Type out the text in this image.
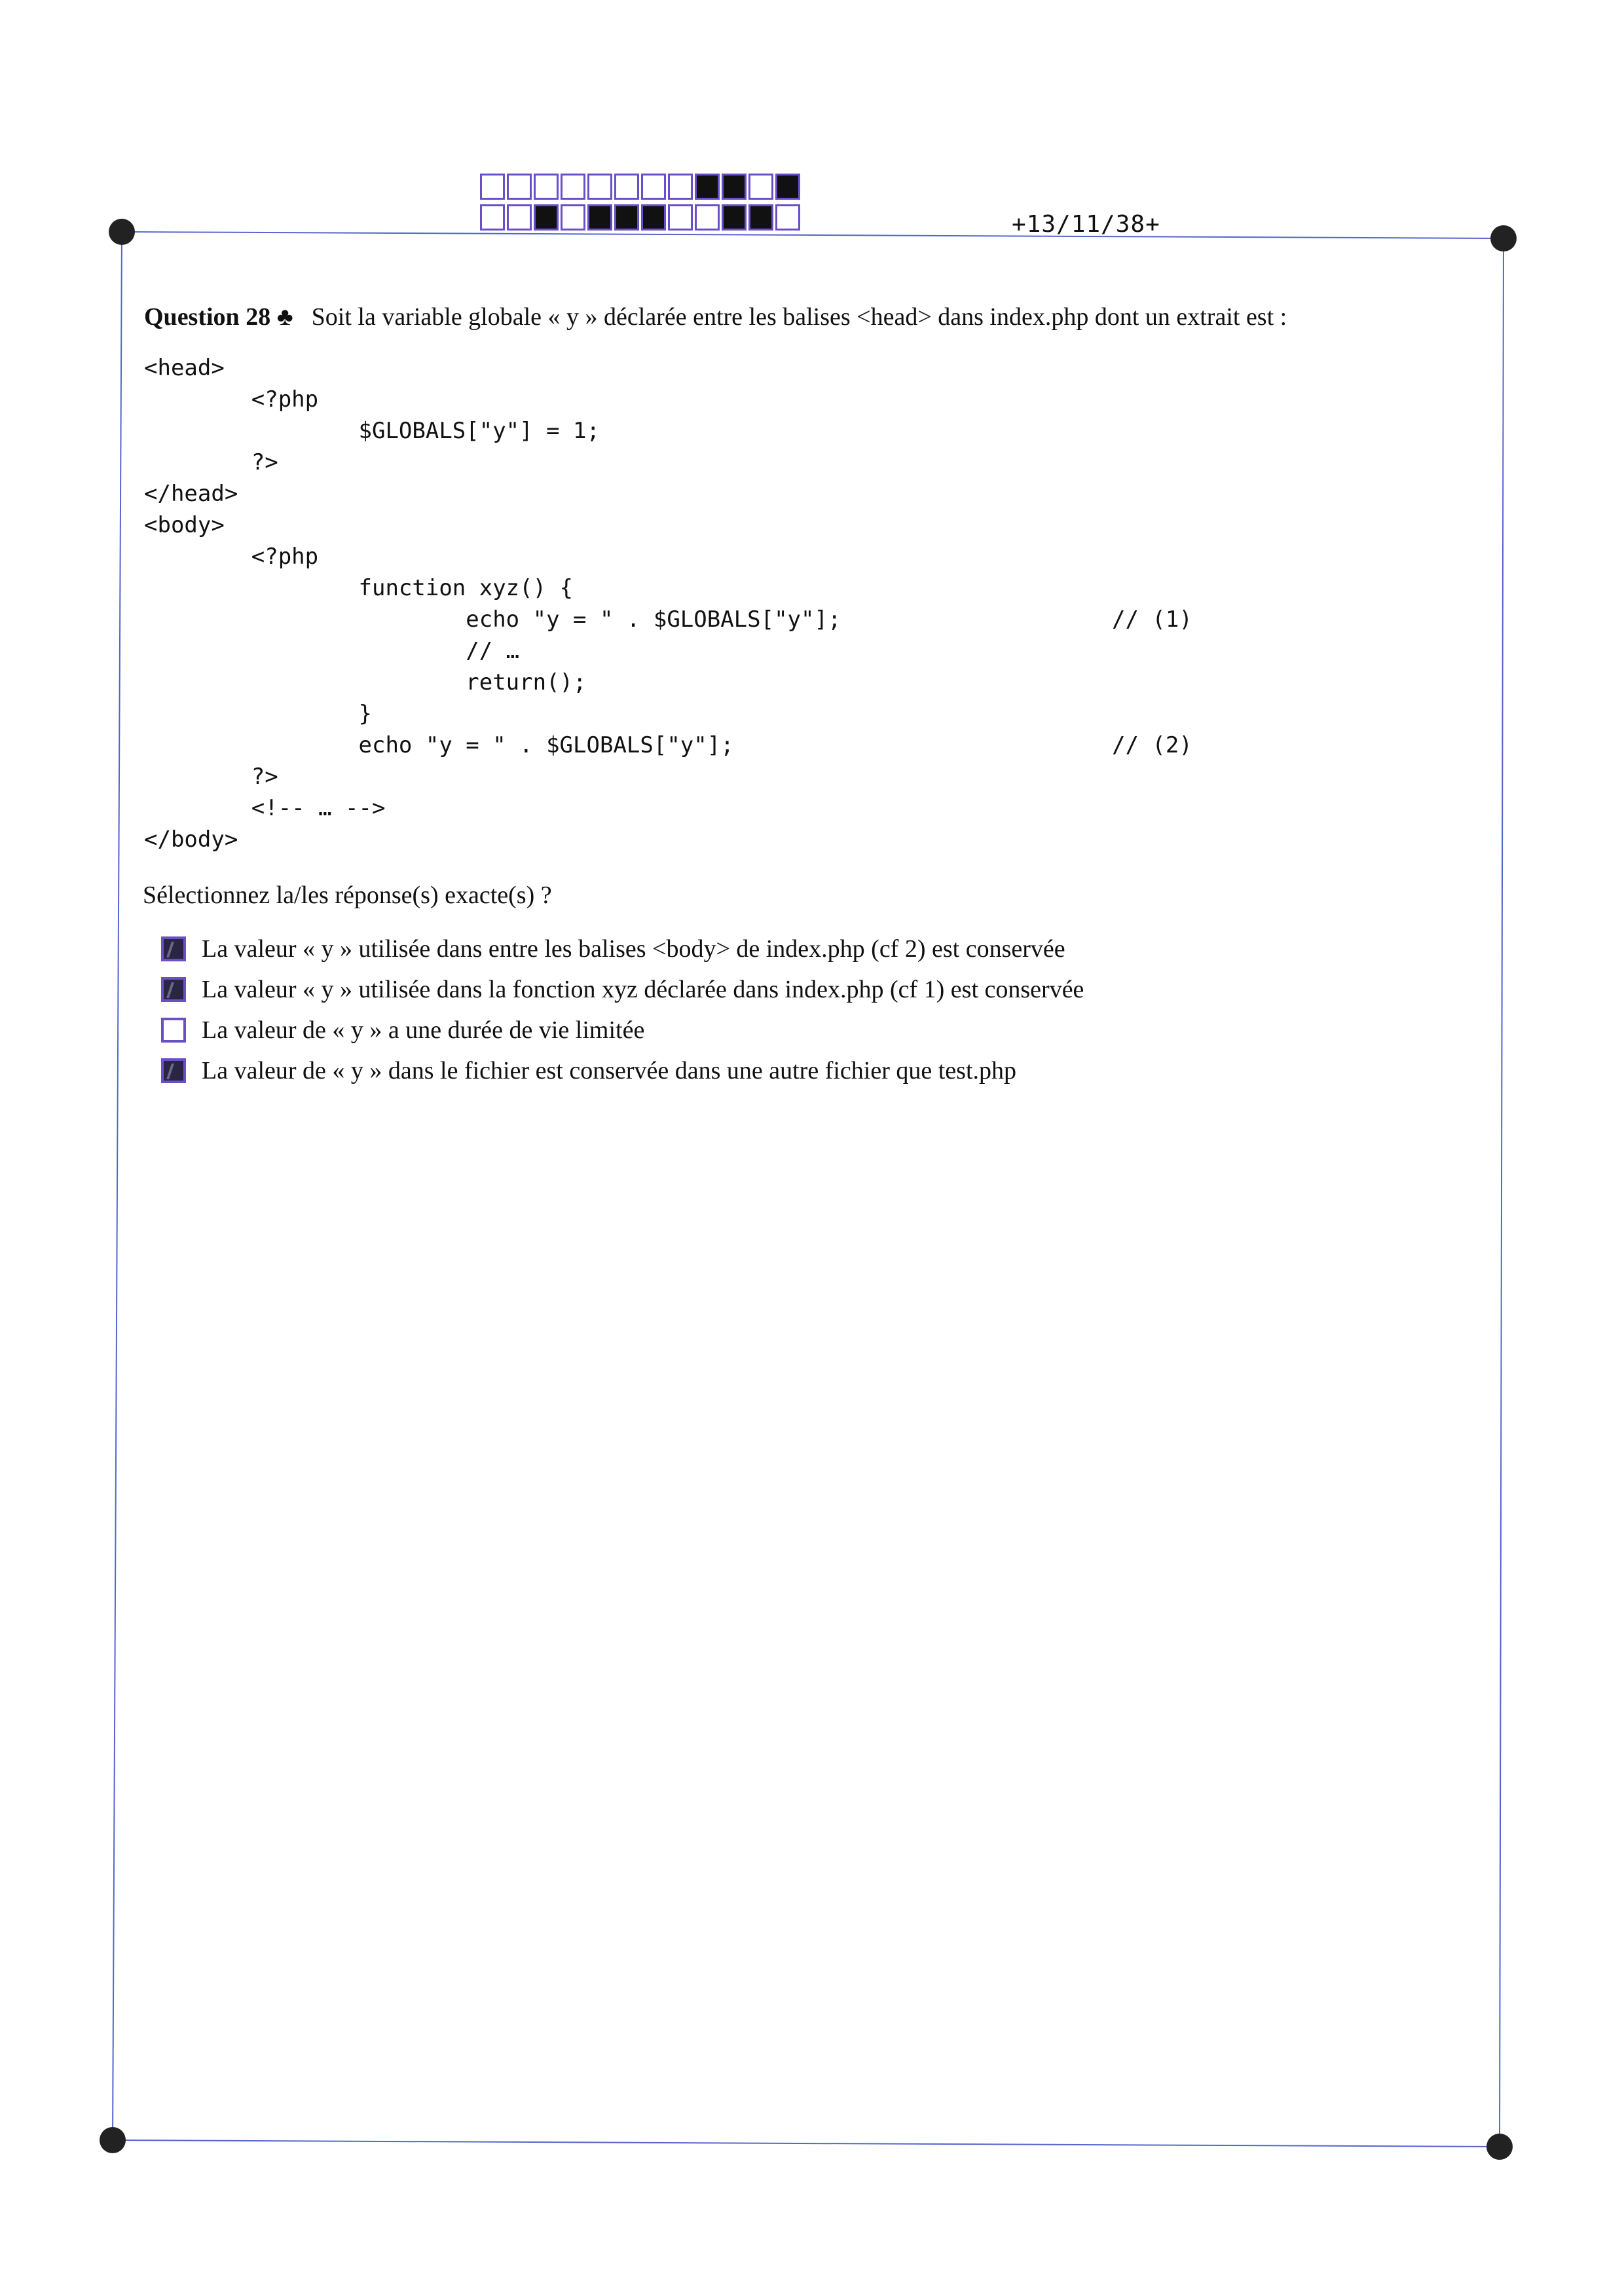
+13/11/38+
Question 28 ♣ Soit la variable globale « y » déclarée entre les balises <head> dans index.php dont un extrait est :
<head>
<?php
$GLOBALS["y"] = 1;
?>
</head>
<body>
<?php
function xyz() {
echo "y = " . $GLOBALS["y"];	// (1)
// …
return();
}
echo "y = " . $GLOBALS["y"];	// (2)
?>
<!-- … -->
</body>
Sélectionnez la/les réponse(s) exacte(s) ?
La valeur « y » utilisée dans entre les balises <body> de index.php (cf 2) est conservée
La valeur « y » utilisée dans la fonction xyz déclarée dans index.php (cf 1) est conservée
La valeur de « y » a une durée de vie limitée
La valeur de « y » dans le fichier est conservée dans une autre fichier que test.php
